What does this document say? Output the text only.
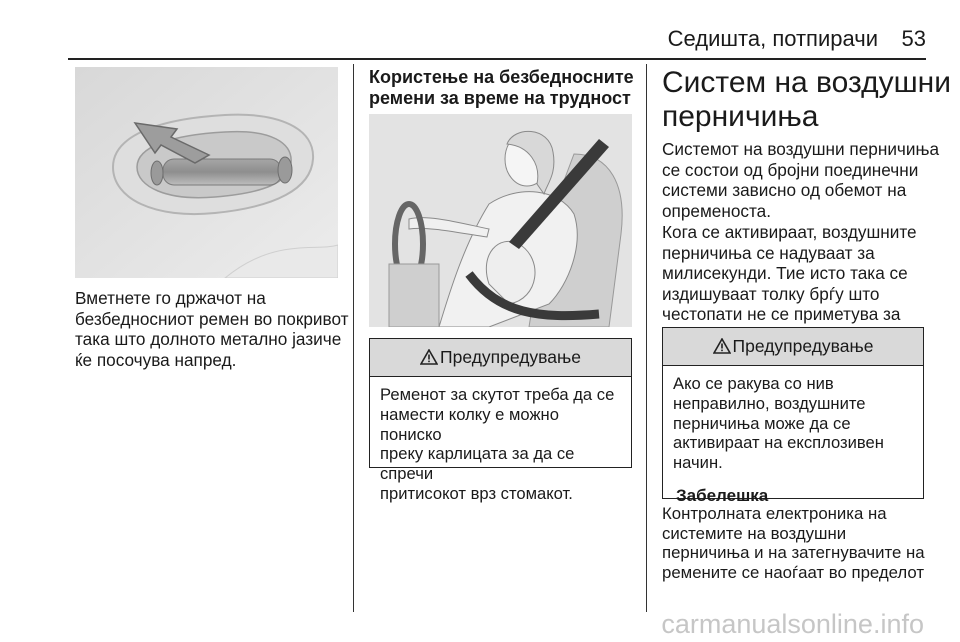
Седишта, потпирачи 53
Вметнете го држачот на
безбедносниот ремен во покривот
така што долното метално јазиче
ќе посочува напред.
Користење на безбедносните
ремени за време на трудност
Предупредување
Ременот за скутот треба да се
намести колку е можно пониско
преку карлицата за да се спречи
притисокот врз стомакот.
Систем на воздушни
перничиња
Системот на воздушни перничиња
се состои од бројни поединечни
системи зависно од обемот на
опременоста.
Кога се активираат, воздушните
перничиња се надуваат за
милисекунди. Тие исто така се
издишуваат толку брѓу што
честопати не се приметува за
Предупредување
Ако се ракува со нив
неправилно, воздушните
перничиња може да се
активираат на експлозивен
начин.
Забелешка
Контролната електроника на
системите на воздушни
перничиња и на затегнувачите на
ремените се наоѓаат во пределот
carmanualsonline.info
